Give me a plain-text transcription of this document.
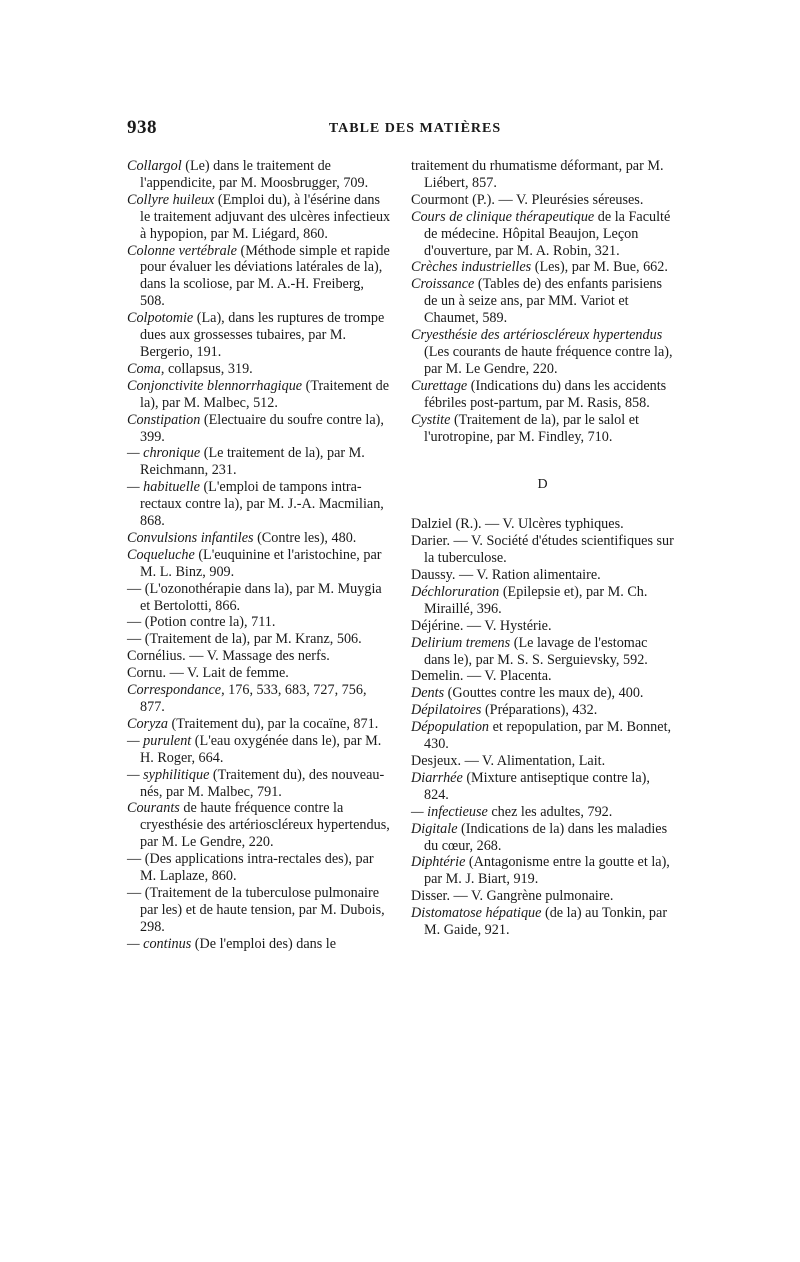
938	TABLE DES MATIÈRES

Collargol (Le) dans le traitement de l'appendicite, par M. Moosbrugger, 709.

Collyre huileux (Emploi du), à l'ésérine dans le traitement adjuvant des ulcères infectieux à hypopion, par M. Liégard, 860.

Colonne vertébrale (Méthode simple et rapide pour évaluer les déviations latérales de la), dans la scoliose, par M. A.-H. Freiberg, 508.

Colpotomie (La), dans les ruptures de trompe dues aux grossesses tubaires, par M. Bergerio, 191.

Coma, collapsus, 319.

Conjonctivite blennorrhagique (Traitement de la), par M. Malbec, 512.

Constipation (Electuaire du soufre contre la), 399.

— chronique (Le traitement de la), par M. Reichmann, 231.

— habituelle (L'emploi de tampons intra-rectaux contre la), par M. J.-A. Macmilian, 868.

Convulsions infantiles (Contre les), 480.

Coqueluche (L'euquinine et l'aristochine, par M. L. Binz, 909.

— (L'ozonothérapie dans la), par M. Muygia et Bertolotti, 866.

— (Potion contre la), 711.

— (Traitement de la), par M. Kranz, 506.

Cornélius. — V. Massage des nerfs.

Cornu. — V. Lait de femme.

Correspondance, 176, 533, 683, 727, 756, 877.

Coryza (Traitement du), par la cocaïne, 871.

— purulent (L'eau oxygénée dans le), par M. H. Roger, 664.

— syphilitique (Traitement du), des nouveau-nés, par M. Malbec, 791.

Courants de haute fréquence contre la cryesthésie des artérioscléreux hypertendus, par M. Le Gendre, 220.

— (Des applications intra-rectales des), par M. Laplaze, 860.

— (Traitement de la tuberculose pulmonaire par les) et de haute tension, par M. Dubois, 298.

— continus (De l'emploi des) dans le

traitement du rhumatisme déformant, par M. Liébert, 857.

Courmont (P.). — V. Pleurésies séreuses.

Cours de clinique thérapeutique de la Faculté de médecine. Hôpital Beaujon, Leçon d'ouverture, par M. A. Robin, 321.

Crèches industrielles (Les), par M. Bue, 662.

Croissance (Tables de) des enfants parisiens de un à seize ans, par MM. Variot et Chaumet, 589.

Cryesthésie des artérioscléreux hypertendus (Les courants de haute fréquence contre la), par M. Le Gendre, 220.

Curettage (Indications du) dans les accidents fébriles post-partum, par M. Rasis, 858.

Cystite (Traitement de la), par le salol et l'urotropine, par M. Findley, 710.

D

Dalziel (R.). — V. Ulcères typhiques.

Darier. — V. Société d'études scientifiques sur la tuberculose.

Daussy. — V. Ration alimentaire.

Déchloruration (Epilepsie et), par M. Ch. Miraillé, 396.

Déjérine. — V. Hystérie.

Delirium tremens (Le lavage de l'estomac dans le), par M. S. S. Serguievsky, 592.

Demelin. — V. Placenta.

Dents (Gouttes contre les maux de), 400.

Dépilatoires (Préparations), 432.

Dépopulation et repopulation, par M. Bonnet, 430.

Desjeux. — V. Alimentation, Lait.

Diarrhée (Mixture antiseptique contre la), 824.

— infectieuse chez les adultes, 792.

Digitale (Indications de la) dans les maladies du cœur, 268.

Diphtérie (Antagonisme entre la goutte et la), par M. J. Biart, 919.

Disser. — V. Gangrène pulmonaire.

Distomatose hépatique (de la) au Tonkin, par M. Gaide, 921.
